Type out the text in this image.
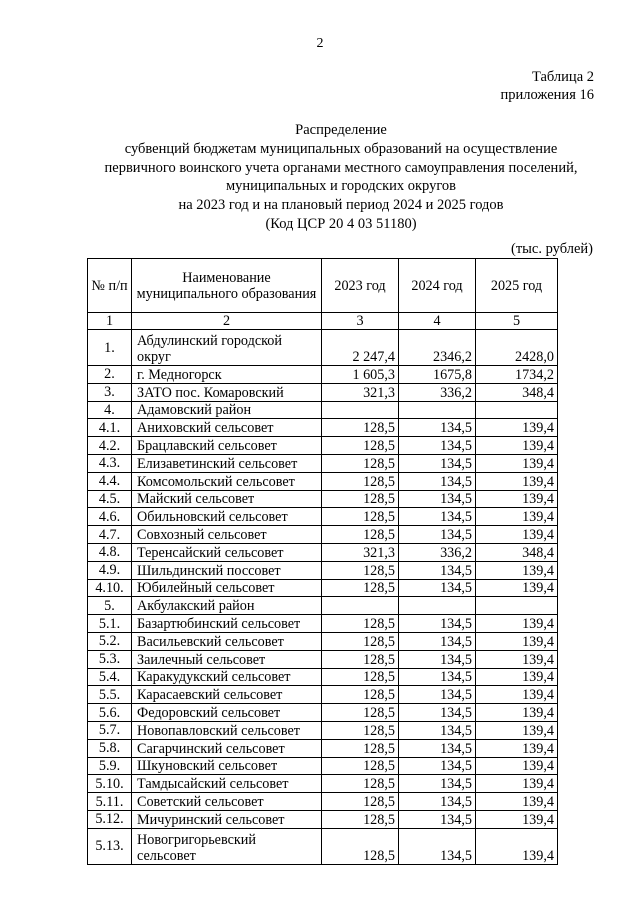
2
Таблица 2
приложения 16
Распределение
субвенций бюджетам муниципальных образований на осуществление
первичного воинского учета органами местного самоуправления поселений,
муниципальных и городских округов
на 2023 год и на плановый период 2024 и 2025 годов
(Код ЦСР 20 4 03 51180)
(тыс. рублей)
№ п/п	Наименование муниципального образования	2023 год	2024 год	2025 год
1	2	3	4	5
1.	Абдулинский городской округ	2 247,4	2346,2	2428,0
2.	г. Медногорск	1 605,3	1675,8	1734,2
3.	ЗАТО пос. Комаровский	321,3	336,2	348,4
4.	Адамовский район			
4.1.	Аниховский сельсовет	128,5	134,5	139,4
4.2.	Брацлавский сельсовет	128,5	134,5	139,4
4.3.	Елизаветинский сельсовет	128,5	134,5	139,4
4.4.	Комсомольский сельсовет	128,5	134,5	139,4
4.5.	Майский сельсовет	128,5	134,5	139,4
4.6.	Обильновский сельсовет	128,5	134,5	139,4
4.7.	Совхозный сельсовет	128,5	134,5	139,4
4.8.	Теренсайский сельсовет	321,3	336,2	348,4
4.9.	Шильдинский поссовет	128,5	134,5	139,4
4.10.	Юбилейный сельсовет	128,5	134,5	139,4
5.	Акбулакский район			
5.1.	Базартюбинский сельсовет	128,5	134,5	139,4
5.2.	Васильевский сельсовет	128,5	134,5	139,4
5.3.	Заилечный сельсовет	128,5	134,5	139,4
5.4.	Каракудукский сельсовет	128,5	134,5	139,4
5.5.	Карасаевский сельсовет	128,5	134,5	139,4
5.6.	Федоровский сельсовет	128,5	134,5	139,4
5.7.	Новопавловский сельсовет	128,5	134,5	139,4
5.8.	Сагарчинский сельсовет	128,5	134,5	139,4
5.9.	Шкуновский сельсовет	128,5	134,5	139,4
5.10.	Тамдысайский сельсовет	128,5	134,5	139,4
5.11.	Советский сельсовет	128,5	134,5	139,4
5.12.	Мичуринский сельсовет	128,5	134,5	139,4
5.13.	Новогригорьевский сельсовет	128,5	134,5	139,4
